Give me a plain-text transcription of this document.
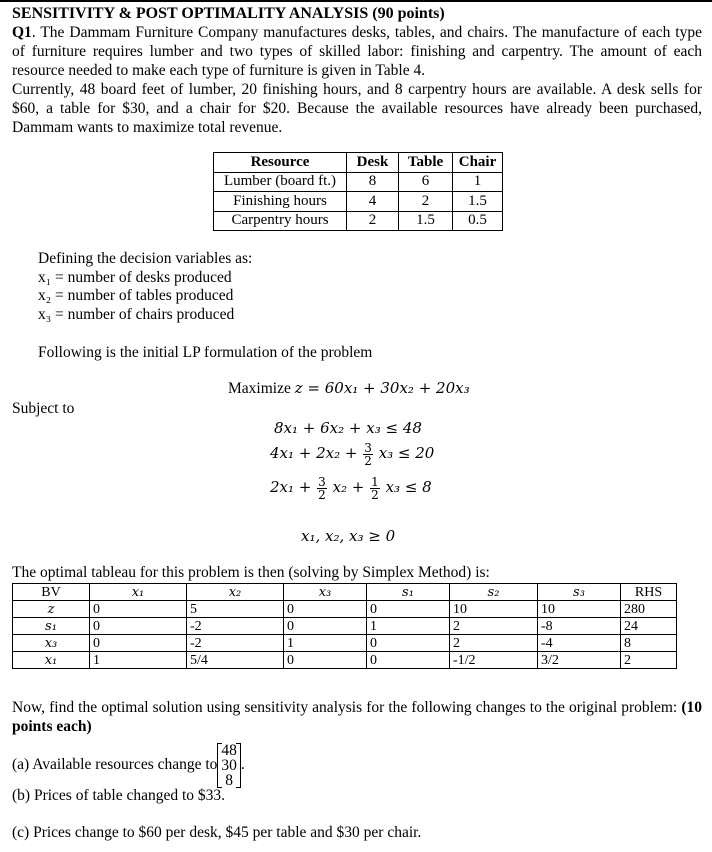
SENSITIVITY & POST OPTIMALITY ANALYSIS (90 points)
Q1. The Dammam Furniture Company manufactures desks, tables, and chairs. The manufacture of each type of furniture requires lumber and two types of skilled labor: finishing and carpentry. The amount of each resource needed to make each type of furniture is given in Table 4.
Currently, 48 board feet of lumber, 20 finishing hours, and 8 carpentry hours are available. A desk sells for $60, a table for $30, and a chair for $20. Because the available resources have already been purchased, Dammam wants to maximize total revenue.
Resource	Desk	Table	Chair
Lumber (board ft.)	8	6	1
Finishing hours	4	2	1.5
Carpentry hours	2	1.5	0.5
Defining the decision variables as:
x₁ = number of desks produced
x₂ = number of tables produced
x₃ = number of chairs produced
Following is the initial LP formulation of the problem
Maximize z = 60x₁ + 30x₂ + 20x₃
Subject to
8x₁ + 6x₂ + x₃ ≤ 48
$4x_1 + 2x_2 + \frac{3}{2} x_3 \le 20$
$2x_1 + \frac{3}{2} x_2 + \frac{1}{2} x_3 \le 8$
x₁, x₂, x₃ ≥ 0
The optimal tableau for this problem is then (solving by Simplex Method) is:
BV	x₁	x₂	x₃	s₁	s₂	s₃	RHS
z	0	5	0	0	10	10	280
s₁	0	-2	0	1	2	-8	24
x₃	0	-2	1	0	2	-4	8
x₁	1	5/4	0	0	-1/2	3/2	2
Now, find the optimal solution using sensitivity analysis for the following changes to the original problem: (10 points each)
(a) Available resources change to
48
30
8
.
(b) Prices of table changed to $33.
(c) Prices change to $60 per desk, $45 per table and $30 per chair.
